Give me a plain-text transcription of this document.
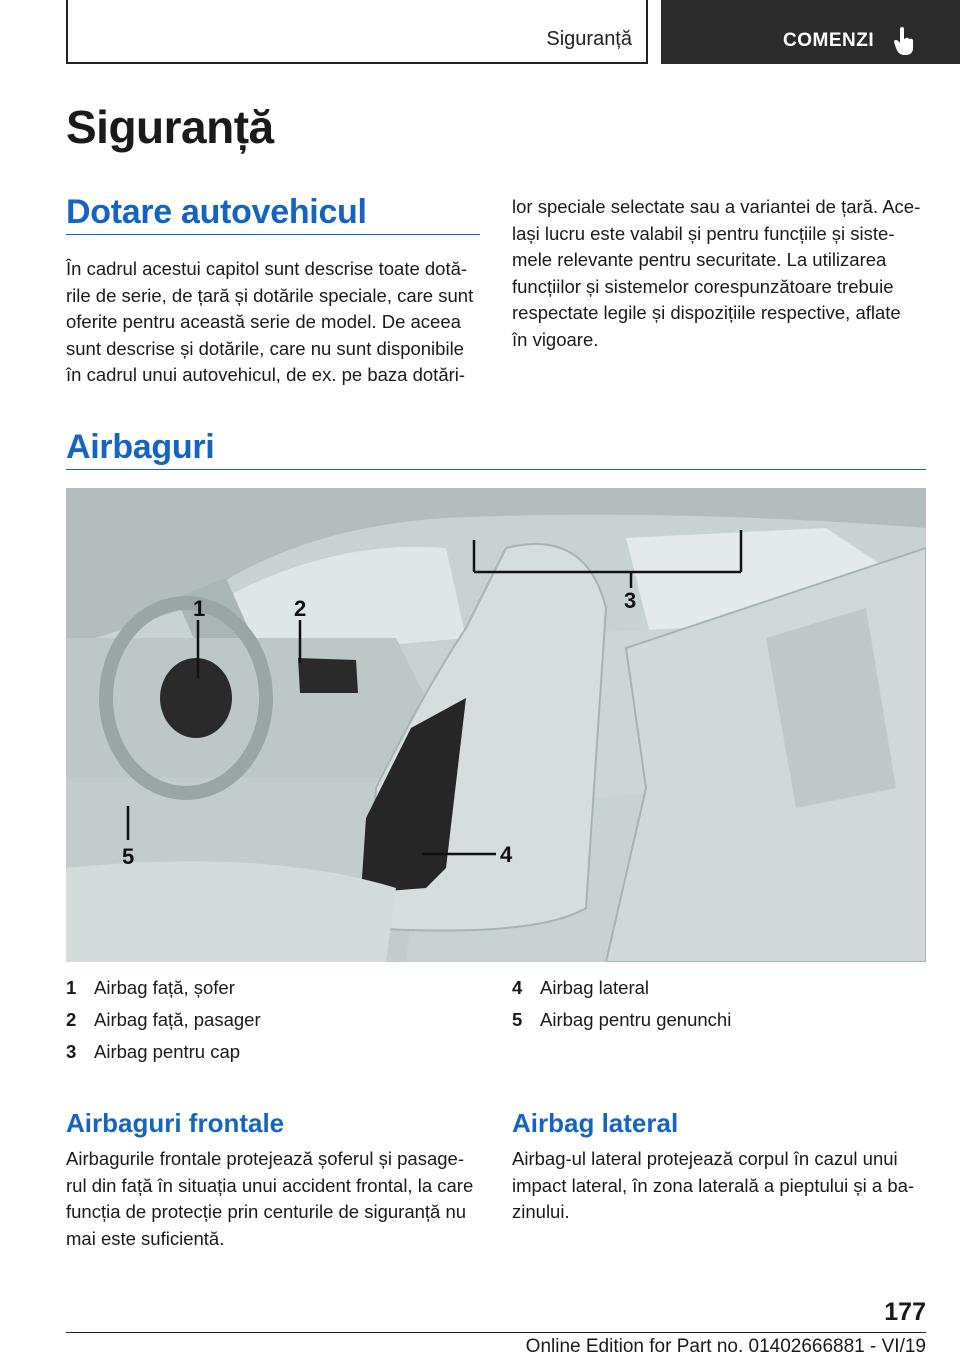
Siguranță	COMENZI
Siguranță
Dotare autovehicul
În cadrul acestui capitol sunt descrise toate dotă-
rile de serie, de țară și dotările speciale, care sunt
oferite pentru această serie de model. De aceea
sunt descrise și dotările, care nu sunt disponibile
în cadrul unui autovehicul, de ex. pe baza dotări-
lor speciale selectate sau a variantei de țară. Ace-
lași lucru este valabil și pentru funcțiile și siste-
mele relevante pentru securitate. La utilizarea
funcțiilor și sistemelor corespunzătoare trebuie
respectate legile și dispozițiile respective, aflate
în vigoare.
Airbaguri
1	2	3
4
5
1 Airbag față, șofer
2 Airbag față, pasager
3 Airbag pentru cap
4 Airbag lateral
5 Airbag pentru genunchi
Airbaguri frontale
Airbagurile frontale protejează șoferul și pasage-
rul din față în situația unui accident frontal, la care
funcția de protecție prin centurile de siguranță nu
mai este suficientă.
Airbag lateral
Airbag-ul lateral protejează corpul în cazul unui
impact lateral, în zona laterală a pieptului și a ba-
zinului.
177
Online Edition for Part no. 01402666881 - VI/19
